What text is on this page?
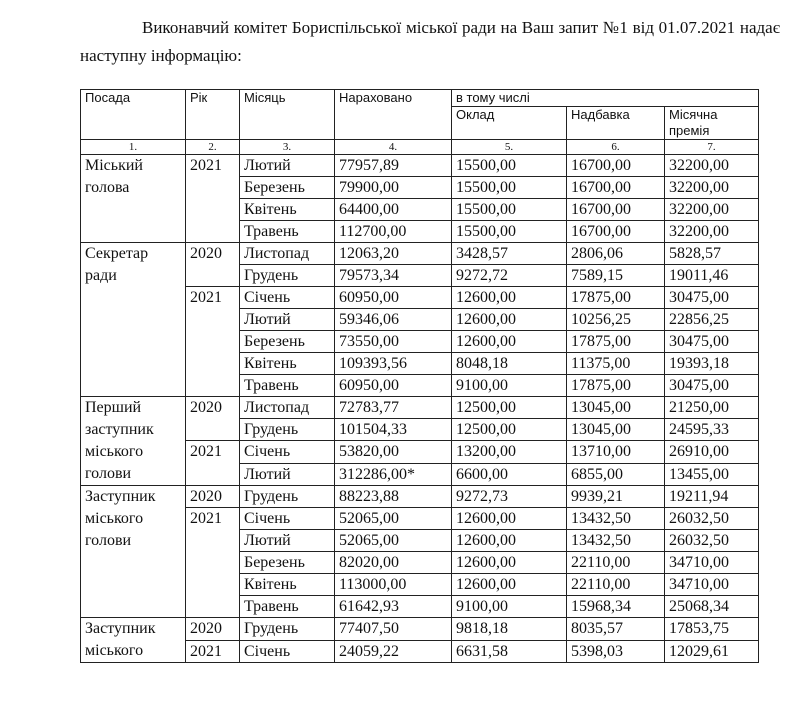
Виконавчий комітет Бориспільської міської ради на Ваш запит №1 від 01.07.2021 надає наступну інформацію:

Посада	Рік	Місяць	Нараховано	в тому числі		
				Оклад	Надбавка	Місячна премія
1.	2.	3.	4.	5.	6.	7.
Міський голова	2021	Лютий	77957,89	15500,00	16700,00	32200,00
		Березень	79900,00	15500,00	16700,00	32200,00
		Квітень	64400,00	15500,00	16700,00	32200,00
		Травень	112700,00	15500,00	16700,00	32200,00
Секретар ради	2020	Листопад	12063,20	3428,57	2806,06	5828,57
		Грудень	79573,34	9272,72	7589,15	19011,46
	2021	Січень	60950,00	12600,00	17875,00	30475,00
		Лютий	59346,06	12600,00	10256,25	22856,25
		Березень	73550,00	12600,00	17875,00	30475,00
		Квітень	109393,56	8048,18	11375,00	19393,18
		Травень	60950,00	9100,00	17875,00	30475,00
Перший заступник міського голови	2020	Листопад	72783,77	12500,00	13045,00	21250,00
		Грудень	101504,33	12500,00	13045,00	24595,33
	2021	Січень	53820,00	13200,00	13710,00	26910,00
		Лютий	312286,00*	6600,00	6855,00	13455,00
Заступник міського голови	2020	Грудень	88223,88	9272,73	9939,21	19211,94
	2021	Січень	52065,00	12600,00	13432,50	26032,50
		Лютий	52065,00	12600,00	13432,50	26032,50
		Березень	82020,00	12600,00	22110,00	34710,00
		Квітень	113000,00	12600,00	22110,00	34710,00
		Травень	61642,93	9100,00	15968,34	25068,34
Заступник міського	2020	Грудень	77407,50	9818,18	8035,57	17853,75
	2021	Січень	24059,22	6631,58	5398,03	12029,61
